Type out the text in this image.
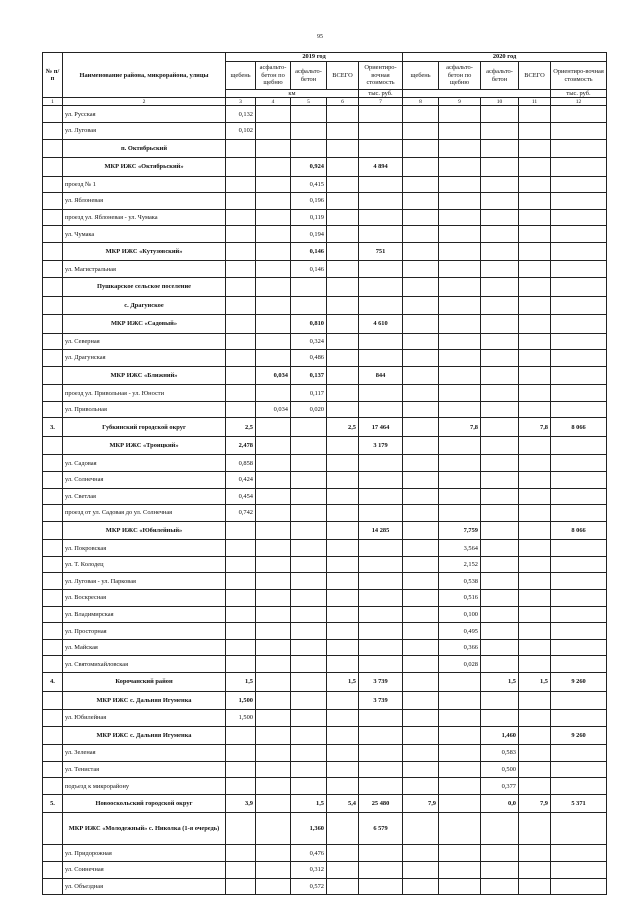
95
№ п/п	Наименование района, микрорайона, улицы	2019 год					2020 год				
		щебень	асфальто-бетон по щебню	асфальто-бетон	ВСЕГО	Ориентиро-вочная стоимость	щебень	асфальто-бетон по щебню	асфальто-бетон	ВСЕГО	Ориентиро-вочная стоимость
		км				тыс. руб.					тыс. руб.
1	2	3	4	5	6	7	8	9	10	11	12
	ул. Русская	0,132									
	ул. Луговая	0,102									
	п. Октябрьский										
	МКР ИЖС «Октябрьский»			0,924		4 894					
	проезд № 1			0,415							
	ул. Яблоневая			0,196							
	проезд ул. Яблоневая - ул. Чумака			0,119							
	ул. Чумака			0,194							
	МКР ИЖС «Кутузовский»			0,146		751					
	ул. Магистральная			0,146							
	Пушкарское сельское поселение										
	с. Драгунское										
	МКР ИЖС «Садовый»			0,810		4 610					
	ул. Северная			0,324							
	ул. Драгунская			0,486							
	МКР ИЖС «Ближний»		0,034	0,137		844					
	проезд ул. Привольная - ул. Юности			0,117							
	ул. Привольная		0,034	0,020							
3.	Губкинский городской округ	2,5			2,5	17 464		7,8		7,8	8 066
	МКР ИЖС «Троицкий»	2,478				3 179					
	ул. Садовая	0,858									
	ул. Солнечная	0,424									
	ул. Светлая	0,454									
	проезд от ул. Садовая до ул. Солнечная	0,742									
	МКР ИЖС «Юбилейный»					14 285		7,759			8 066
	ул. Покровская							3,564			
	ул. Т. Колодец							2,152			
	ул. Луговая - ул. Парковая							0,538			
	ул. Воскресная							0,516			
	ул. Владимирская							0,100			
	ул. Просторная							0,495			
	ул. Майская							0,366			
	ул. Святомихайловская							0,028			
4.	Корочанский район	1,5			1,5	3 739			1,5	1,5	9 260
	МКР ИЖС с. Дальняя Игуменка	1,500				3 739					
	ул. Юбилейная	1,500									
	МКР ИЖС с. Дальняя Игуменка								1,460		9 260
	ул. Зеленая								0,583		
	ул. Тенистая								0,500		
	подъезд к микрорайону								0,377		
5.	Новооскольский городской округ	3,9		1,5	5,4	25 480	7,9		0,0	7,9	5 371
	МКР ИЖС «Молодежный» с. Николка (1-я очередь)			1,360		6 579					
	ул. Придорожная			0,476							
	ул. Соинечная			0,312							
	ул. Объездная			0,572							
